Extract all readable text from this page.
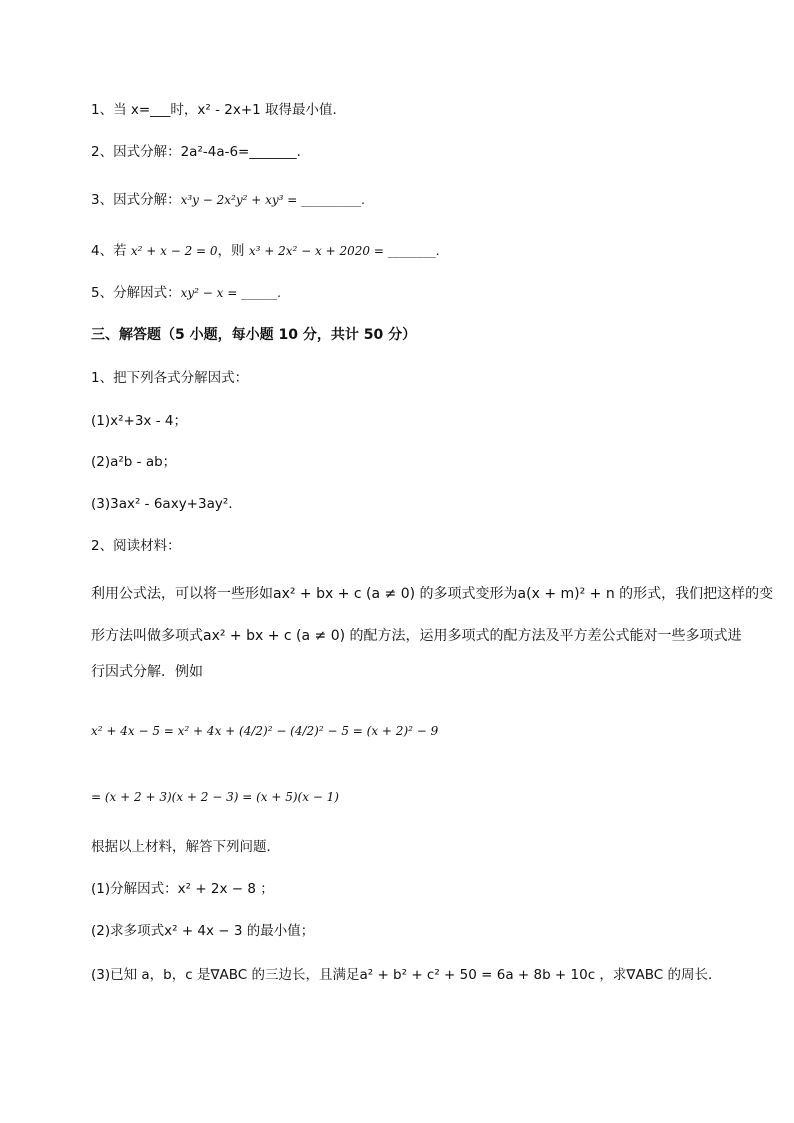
1、当 x=___时，x² - 2x+1 取得最小值．
2、因式分解：2a²-4a-6=_______．
3、因式分解：x³y − 2x²y² + xy³ = __________.
4、若 x² + x − 2 = 0，则 x³ + 2x² − x + 2020 = ________.
5、分解因式：xy² − x = ______.
三、解答题（5 小题，每小题 10 分，共计 50 分）
1、把下列各式分解因式：
(1)x²+3x - 4；
(2)a²b - ab；
(3)3ax² - 6axy+3ay².
2、阅读材料：
利用公式法，可以将一些形如ax² + bx + c (a ≠ 0) 的多项式变形为a(x + m)² + n 的形式，我们把这样的变
形方法叫做多项式ax² + bx + c (a ≠ 0) 的配方法，运用多项式的配方法及平方差公式能对一些多项式进
行因式分解．例如
x² + 4x − 5 = x² + 4x + (4/2)² − (4/2)² − 5 = (x + 2)² − 9
= (x + 2 + 3)(x + 2 − 3) = (x + 5)(x − 1)
根据以上材料，解答下列问题．
(1)分解因式：x² + 2x − 8 ；
(2)求多项式x² + 4x − 3 的最小值；
(3)已知 a，b，c 是∇ABC 的三边长，且满足a² + b² + c² + 50 = 6a + 8b + 10c ，求∇ABC 的周长．
